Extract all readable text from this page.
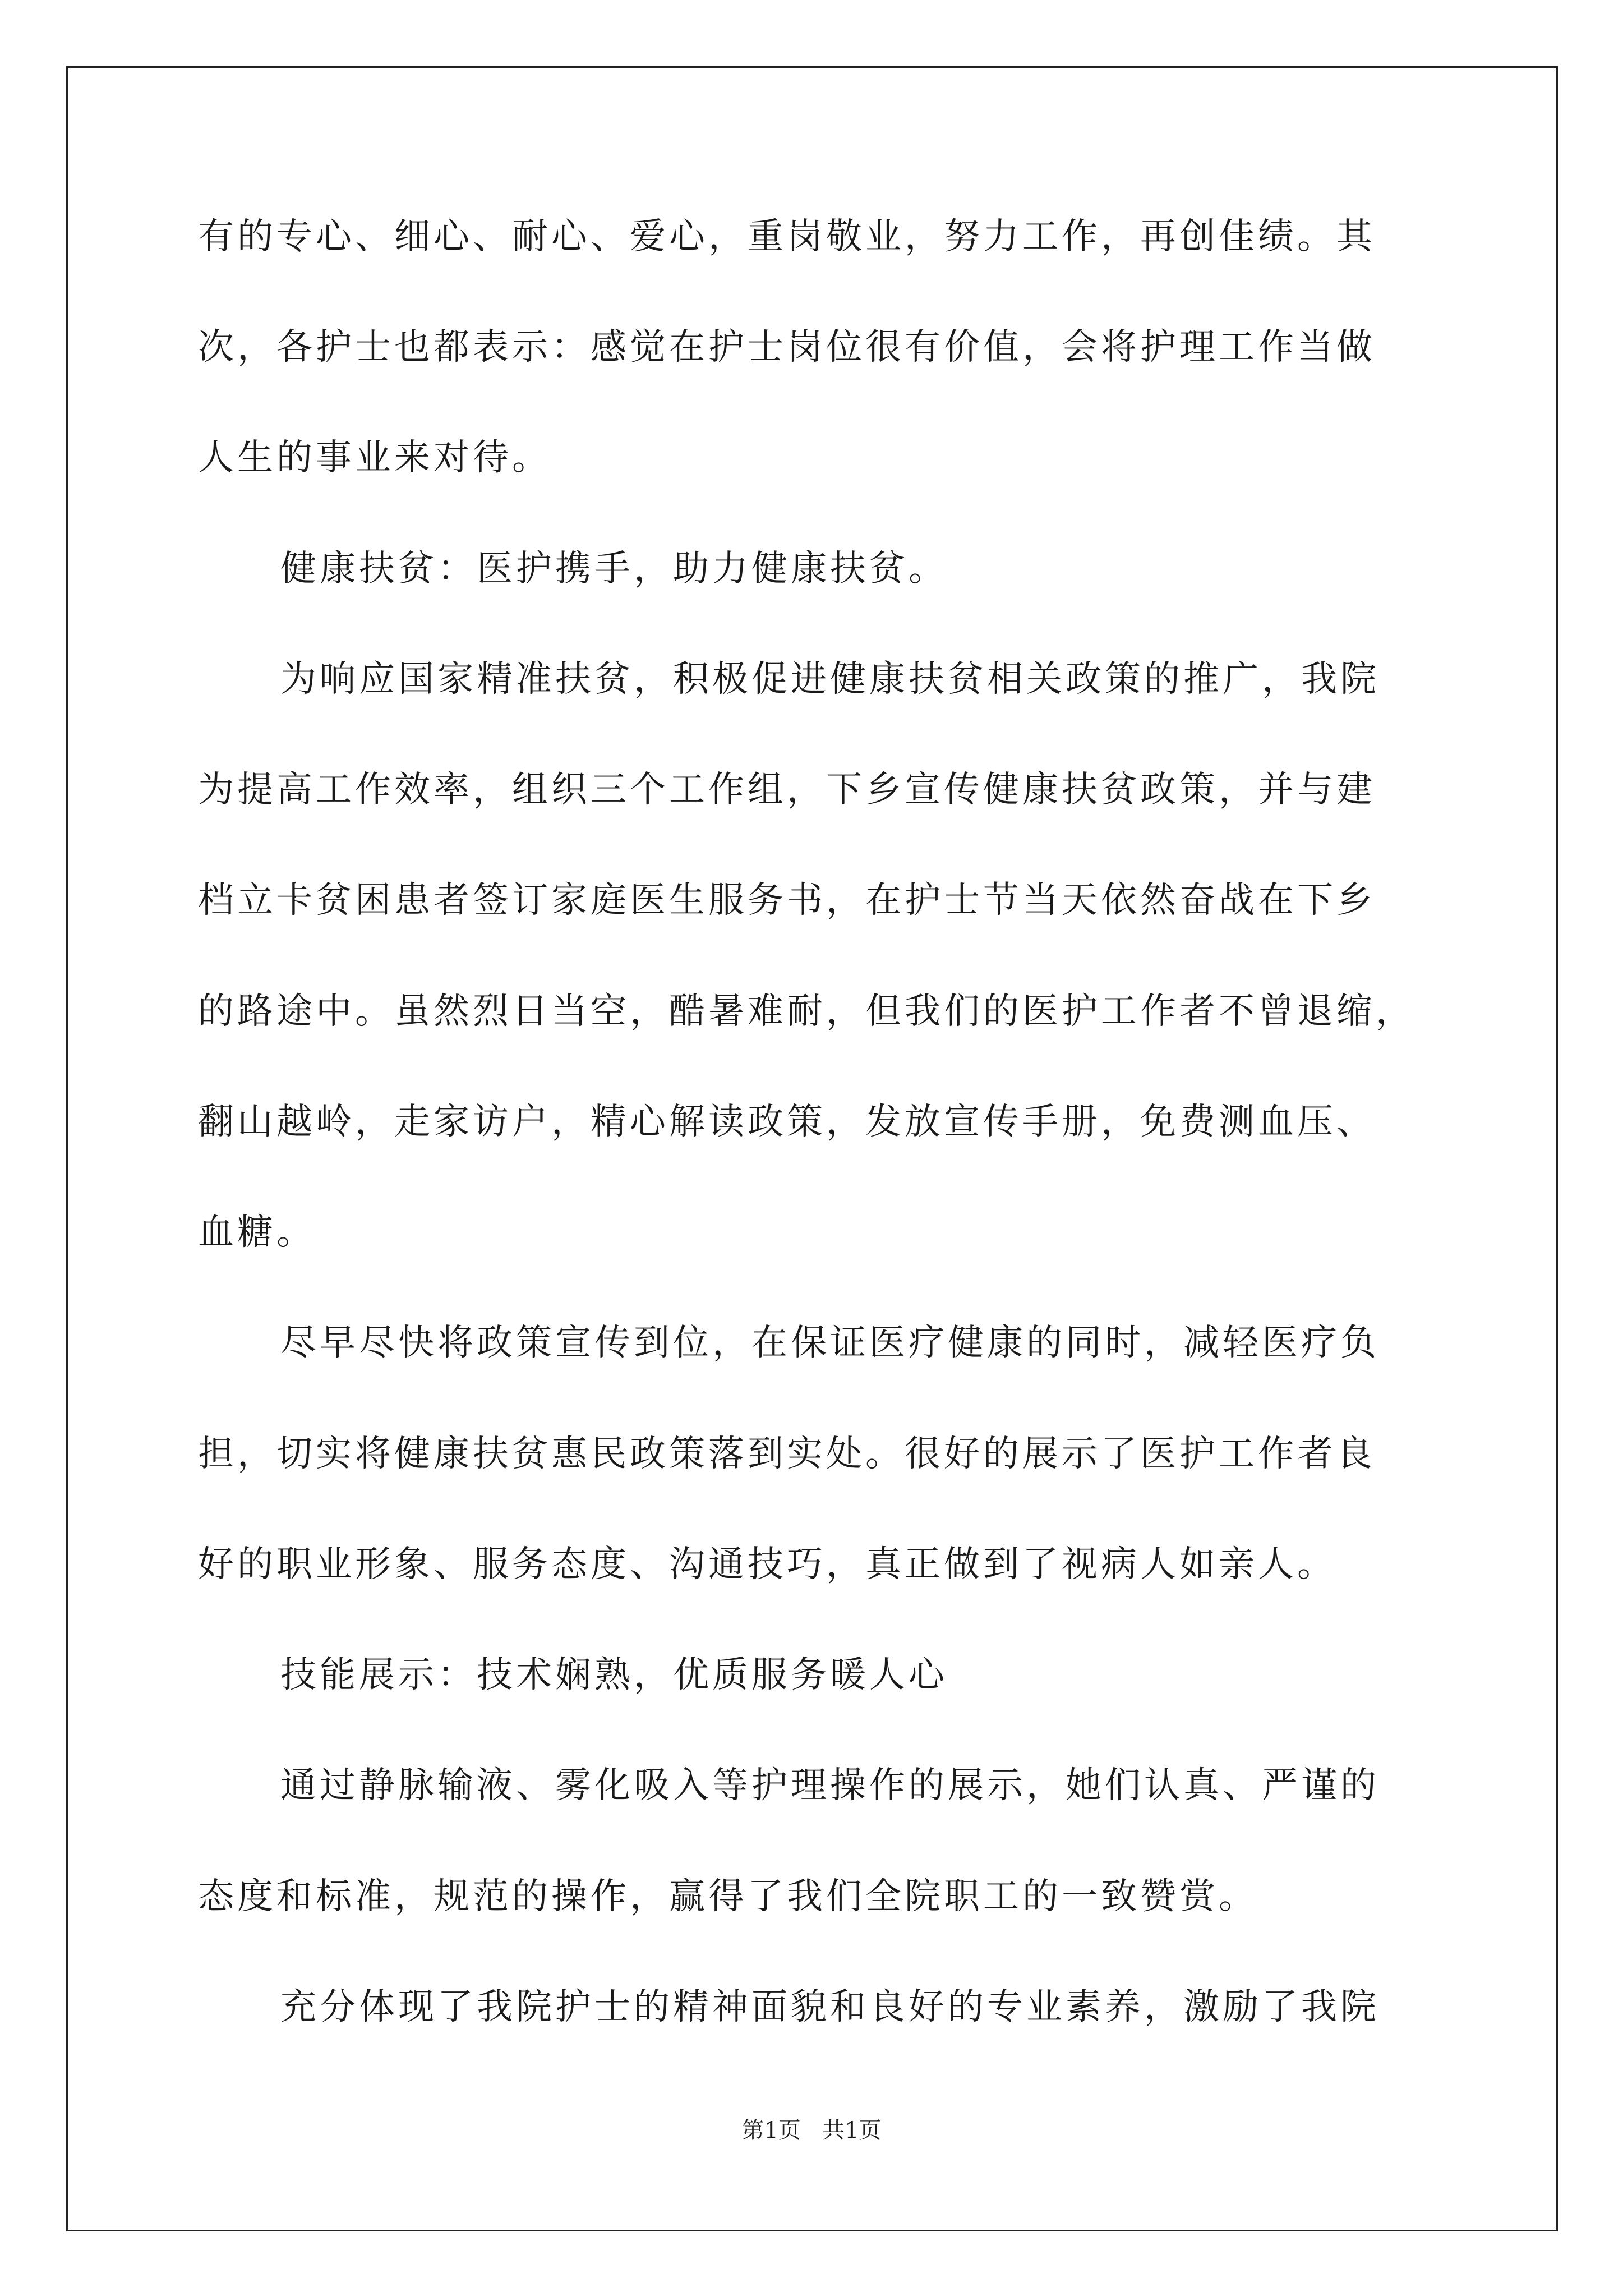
有的专心、细心、耐心、爱心，重岗敬业，努力工作，再创佳绩。其
次，各护士也都表示：感觉在护士岗位很有价值，会将护理工作当做
人生的事业来对待。
健康扶贫：医护携手，助力健康扶贫。
为响应国家精准扶贫，积极促进健康扶贫相关政策的推广，我院
为提高工作效率，组织三个工作组，下乡宣传健康扶贫政策，并与建
档立卡贫困患者签订家庭医生服务书，在护士节当天依然奋战在下乡
的路途中。虽然烈日当空，酷暑难耐，但我们的医护工作者不曾退缩，
翻山越岭，走家访户，精心解读政策，发放宣传手册，免费测血压、
血糖。
尽早尽快将政策宣传到位，在保证医疗健康的同时，减轻医疗负
担，切实将健康扶贫惠民政策落到实处。很好的展示了医护工作者良
好的职业形象、服务态度、沟通技巧，真正做到了视病人如亲人。
技能展示：技术娴熟，优质服务暖人心
通过静脉输液、雾化吸入等护理操作的展示，她们认真、严谨的
态度和标准，规范的操作，赢得了我们全院职工的一致赞赏。
充分体现了我院护士的精神面貌和良好的专业素养，激励了我院
第1页 共1页
